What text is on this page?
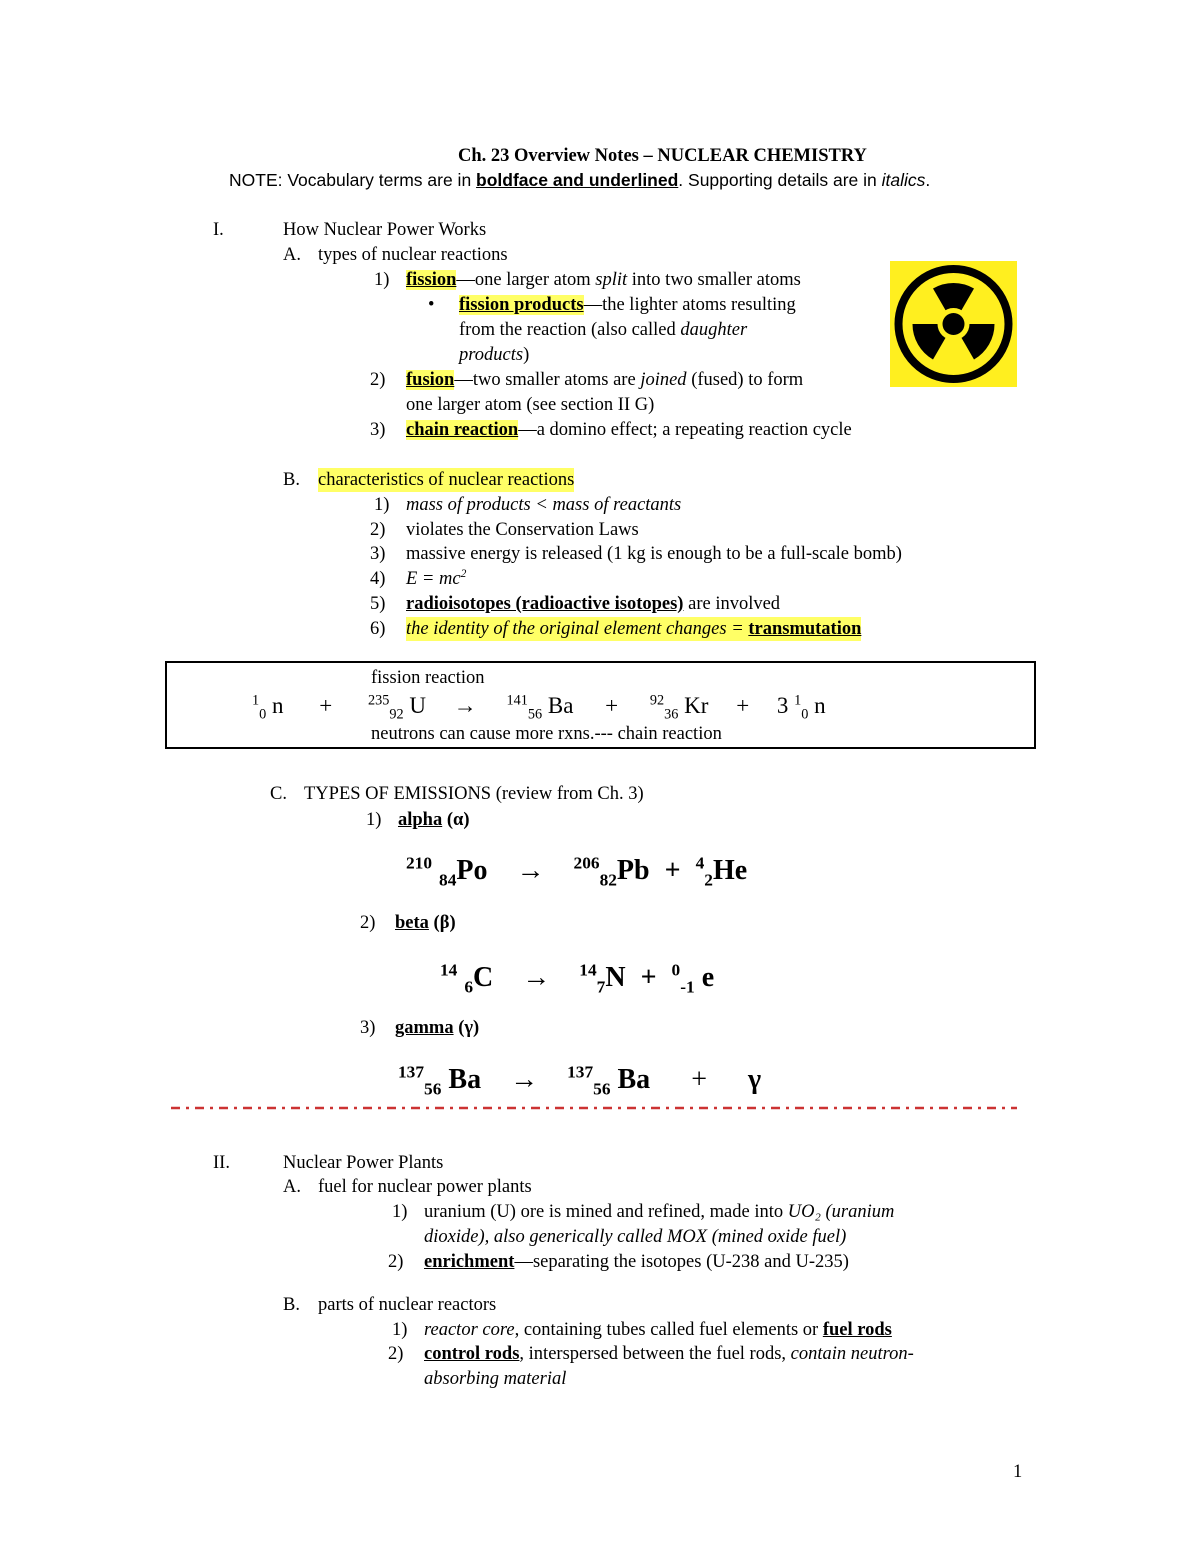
Ch. 23 Overview Notes – NUCLEAR CHEMISTRY
NOTE: Vocabulary terms are in boldface and underlined. Supporting details are in italics.
I.	How Nuclear Power Works
A. types of nuclear reactions
1) fission—one larger atom split into two smaller atoms
• fission products—the lighter atoms resulting
from the reaction (also called daughter
products)
2) fusion—two smaller atoms are joined (fused) to form
one larger atom (see section II G)
3) chain reaction—a domino effect; a repeating reaction cycle
B. characteristics of nuclear reactions
1) mass of products < mass of reactants
2) violates the Conservation Laws
3) massive energy is released (1 kg is enough to be a full-scale bomb)
4) $E = mc^2$
5) radioisotopes (radioactive isotopes) are involved
6) the identity of the original element changes = transmutation
fission reaction
$^1_0$ n +	$^{235}_{92}$ U → $^{141}_{56}$ Ba + $^{92}_{36}$ Kr + 3 $^1_0$ n
neutrons can cause more rxns.--- chain reaction
C. TYPES OF EMISSIONS (review from Ch. 3)
1) alpha (α)
$^{210}$ $_{84}$Po → $^{206}_{82}$Pb + $^4_2$He
2) beta (β)
$^{14}$ $_6$C → $^{14}_7$N + $^0_{-1}$ e
3) gamma (γ)
$^{137}_{56}$ Ba → $^{137}_{56}$ Ba + γ
II.	Nuclear Power Plants
A. fuel for nuclear power plants
1) uranium (U) ore is mined and refined, made into UO₂ (uranium
dioxide), also generically called MOX (mined oxide fuel)
2) enrichment—separating the isotopes (U-238 and U-235)
B. parts of nuclear reactors
1) reactor core, containing tubes called fuel elements or fuel rods
2) control rods, interspersed between the fuel rods, contain neutron-
absorbing material
1
